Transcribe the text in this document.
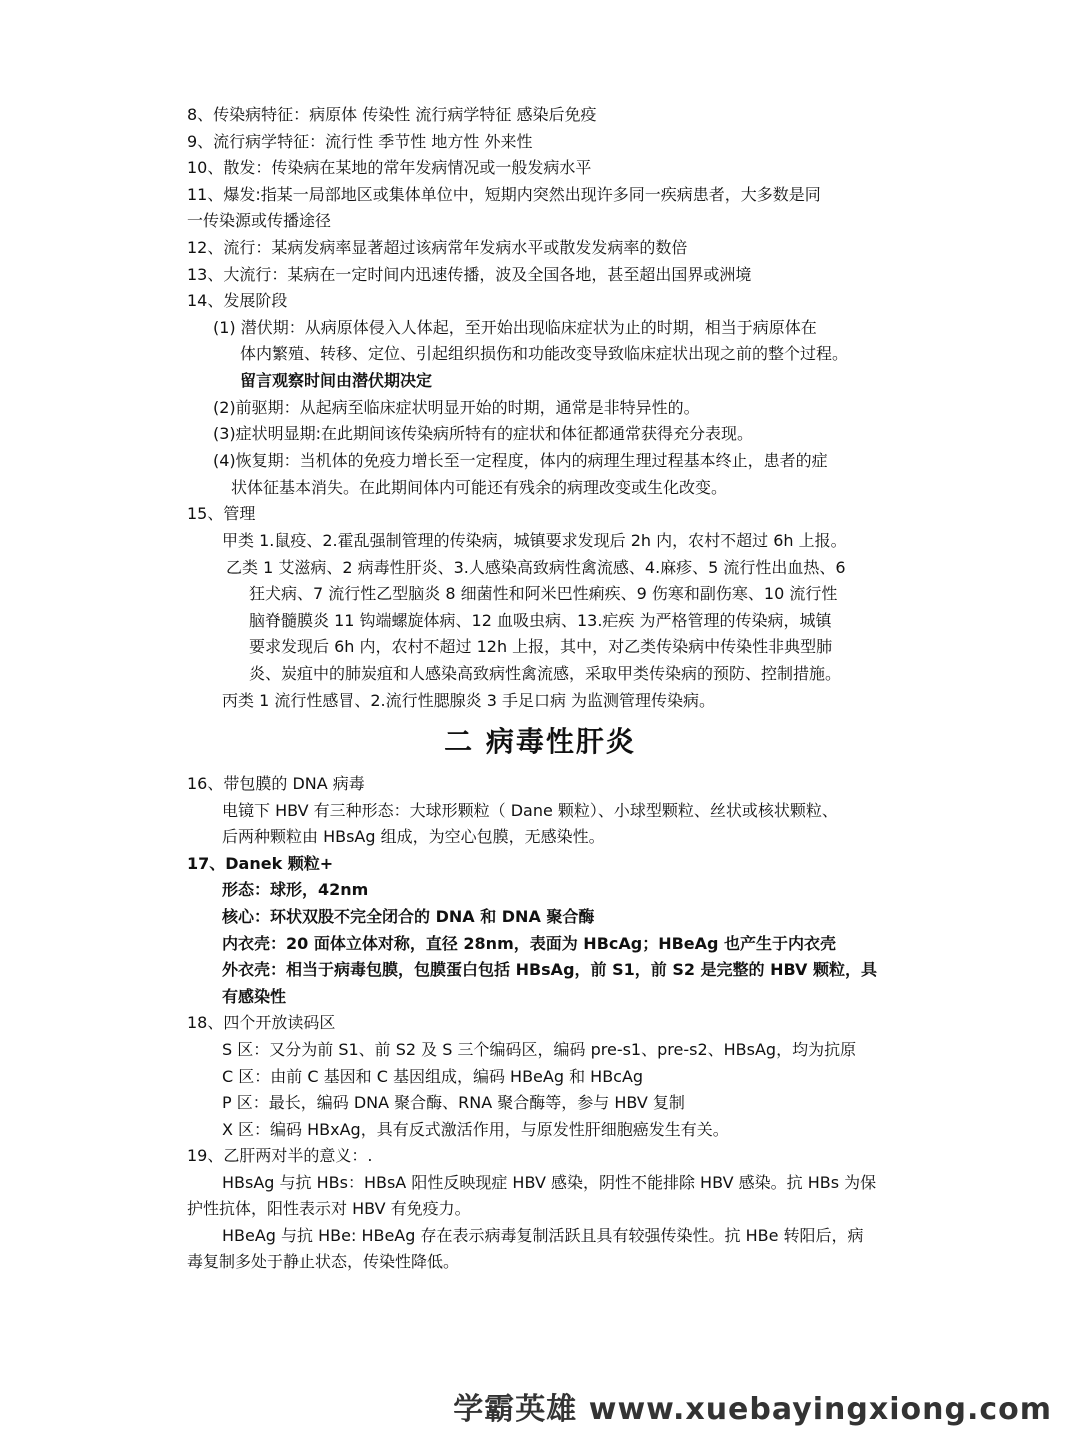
8、传染病特征：病原体 传染性 流行病学特征 感染后免疫
9、流行病学特征：流行性 季节性 地方性 外来性
10、散发：传染病在某地的常年发病情况或一般发病水平
11、爆发:指某一局部地区或集体单位中，短期内突然出现许多同一疾病患者，大多数是同
一传染源或传播途径
12、流行：某病发病率显著超过该病常年发病水平或散发发病率的数倍
13、大流行：某病在一定时间内迅速传播，波及全国各地，甚至超出国界或洲境
14、发展阶段
(1) 潜伏期：从病原体侵入人体起，至开始出现临床症状为止的时期，相当于病原体在
体内繁殖、转移、定位、引起组织损伤和功能改变导致临床症状出现之前的整个过程。
留言观察时间由潜伏期决定
(2)前驱期：从起病至临床症状明显开始的时期，通常是非特异性的。
(3)症状明显期:在此期间该传染病所特有的症状和体征都通常获得充分表现。
(4)恢复期：当机体的免疫力增长至一定程度，体内的病理生理过程基本终止，患者的症
状体征基本消失。在此期间体内可能还有残余的病理改变或生化改变。
15、管理
甲类 1.鼠疫、2.霍乱强制管理的传染病，城镇要求发现后 2h 内，农村不超过 6h 上报。
乙类 1 艾滋病、2 病毒性肝炎、3.人感染高致病性禽流感、4.麻疹、5 流行性出血热、6
狂犬病、7 流行性乙型脑炎 8 细菌性和阿米巴性痢疾、9 伤寒和副伤寒、10 流行性
脑脊髓膜炎 11 钩端螺旋体病、12 血吸虫病、13.疟疾 为严格管理的传染病，城镇
要求发现后 6h 内，农村不超过 12h 上报，其中，对乙类传染病中传染性非典型肺
炎、炭疽中的肺炭疽和人感染高致病性禽流感，采取甲类传染病的预防、控制措施。
丙类 1 流行性感冒、2.流行性腮腺炎 3 手足口病 为监测管理传染病。
二 病毒性肝炎
16、带包膜的 DNA 病毒
电镜下 HBV 有三种形态：大球形颗粒（ Dane 颗粒）、小球型颗粒、丝状或核状颗粒、
后两种颗粒由 HBsAg 组成，为空心包膜，无感染性。
17、Danek 颗粒+
形态：球形，42nm
核心：环状双股不完全闭合的 DNA 和 DNA 聚合酶
内衣壳：20 面体立体对称，直径 28nm，表面为 HBcAg；HBeAg 也产生于内衣壳
外衣壳：相当于病毒包膜，包膜蛋白包括 HBsAg，前 S1，前 S2 是完整的 HBV 颗粒，具
有感染性
18、四个开放读码区
S 区：又分为前 S1、前 S2 及 S 三个编码区，编码 pre-s1、pre-s2、HBsAg，均为抗原
C 区：由前 C 基因和 C 基因组成，编码 HBeAg 和 HBcAg
P 区：最长，编码 DNA 聚合酶、RNA 聚合酶等，参与 HBV 复制
X 区：编码 HBxAg，具有反式激活作用，与原发性肝细胞癌发生有关。
19、乙肝两对半的意义：.
HBsAg 与抗 HBs：HBsA 阳性反映现症 HBV 感染，阴性不能排除 HBV 感染。抗 HBs 为保
护性抗体，阳性表示对 HBV 有免疫力。
HBeAg 与抗 HBe: HBeAg 存在表示病毒复制活跃且具有较强传染性。抗 HBe 转阳后，病
毒复制多处于静止状态，传染性降低。
学霸英雄 www.xuebayingxiong.com
